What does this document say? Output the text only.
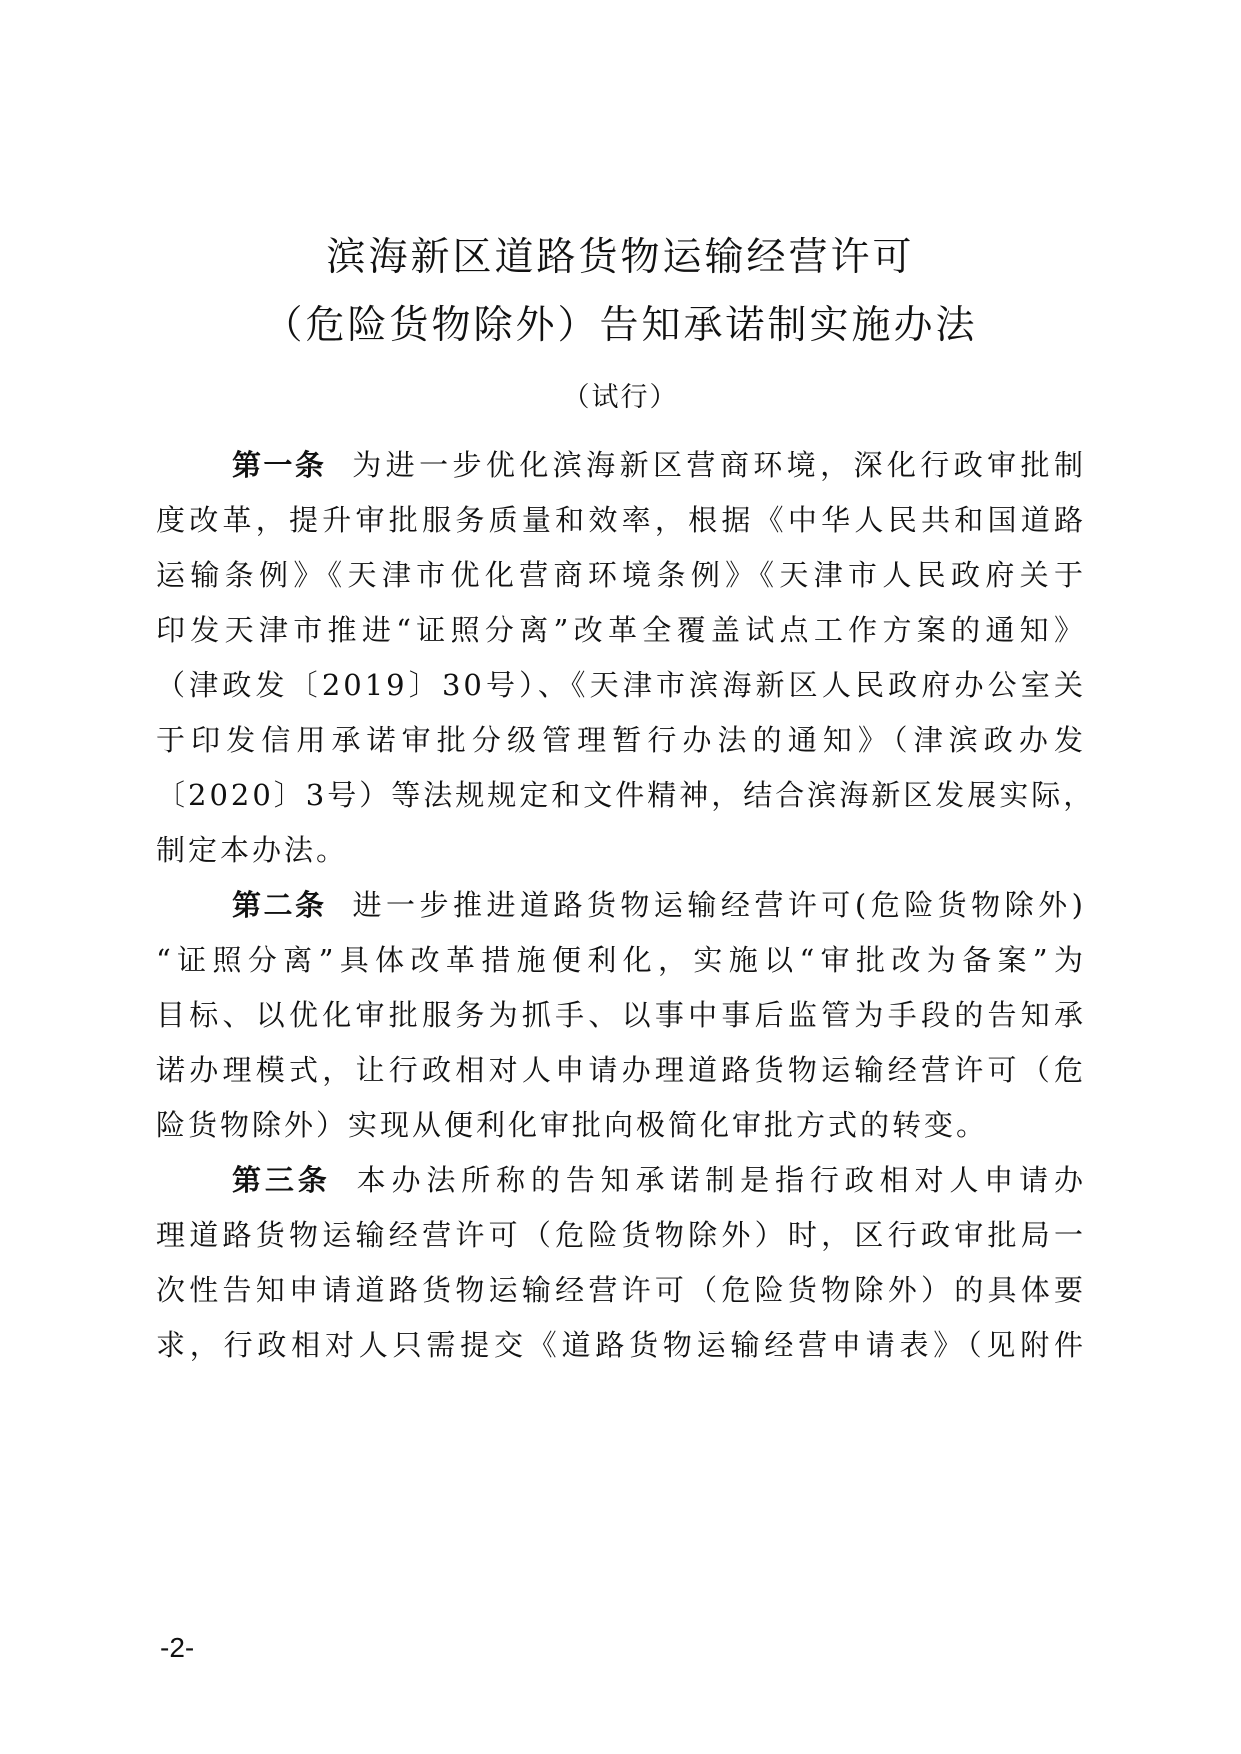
滨海新区道路货物运输经营许可
（危险货物除外）告知承诺制实施办法
（试行）
第一条 为进一步优化滨海新区营商环境，深化行政审批制
度改革，提升审批服务质量和效率，根据《中华人民共和国道路
运输条例》《天津市优化营商环境条例》《天津市人民政府关于
印发天津市推进“证照分离”改革全覆盖试点工作方案的通知》
（津政发〔2019〕30号）、《天津市滨海新区人民政府办公室关
于印发信用承诺审批分级管理暂行办法的通知》（津滨政办发
〔2020〕3号）等法规规定和文件精神，结合滨海新区发展实际，
制定本办法。
第二条 进一步推进道路货物运输经营许可(危险货物除外)
“证照分离”具体改革措施便利化，实施以“审批改为备案”为
目标、以优化审批服务为抓手、以事中事后监管为手段的告知承
诺办理模式，让行政相对人申请办理道路货物运输经营许可（危
险货物除外）实现从便利化审批向极简化审批方式的转变。
第三条 本办法所称的告知承诺制是指行政相对人申请办
理道路货物运输经营许可（危险货物除外）时，区行政审批局一
次性告知申请道路货物运输经营许可（危险货物除外）的具体要
求，行政相对人只需提交《道路货物运输经营申请表》（见附件
-2-
